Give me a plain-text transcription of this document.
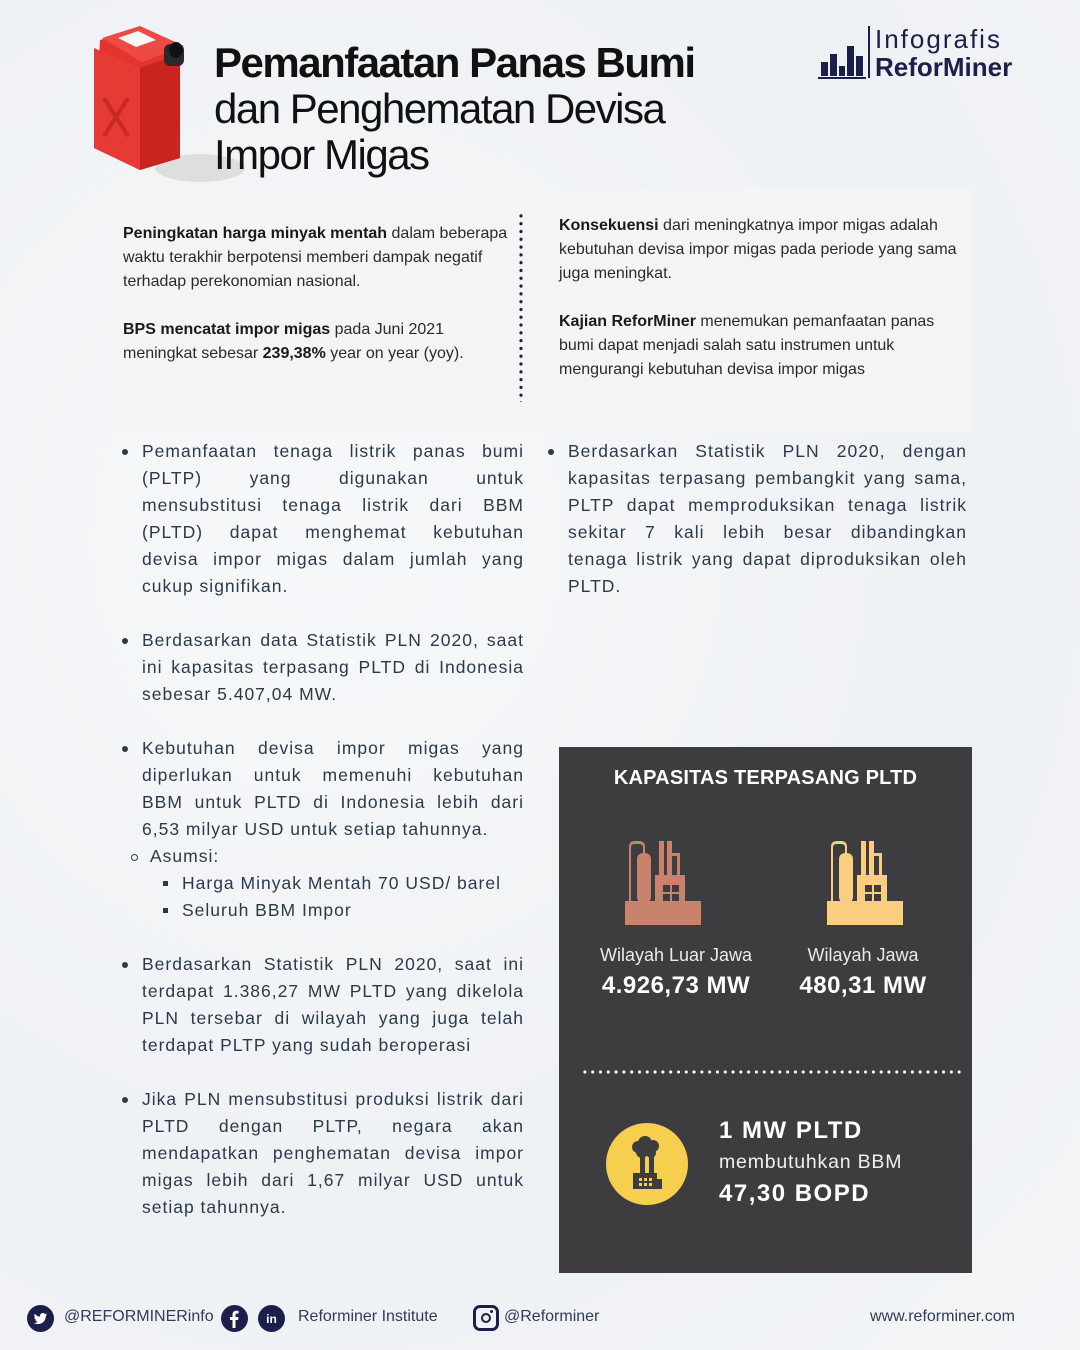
Pemanfaatan Panas Bumi
dan Penghematan Devisa
Impor Migas
Infografis
ReforMiner

Peningkatan harga minyak mentah dalam beberapa waktu terakhir berpotensi memberi dampak negatif terhadap perekonomian nasional.

BPS mencatat impor migas pada Juni 2021 meningkat sebesar 239,38% year on year (yoy).

Konsekuensi dari meningkatnya impor migas adalah kebutuhan devisa impor migas pada periode yang sama juga meningkat.

Kajian ReforMiner menemukan pemanfaatan panas bumi dapat menjadi salah satu instrumen untuk mengurangi kebutuhan devisa impor migas

Pemanfaatan tenaga listrik panas bumi (PLTP) yang digunakan untuk mensubstitusi tenaga listrik dari BBM (PLTD) dapat menghemat kebutuhan devisa impor migas dalam jumlah yang cukup signifikan.
Berdasarkan data Statistik PLN 2020, saat ini kapasitas terpasang PLTD di Indonesia sebesar 5.407,04 MW.
Kebutuhan devisa impor migas yang diperlukan untuk memenuhi kebutuhan BBM untuk PLTD di Indonesia lebih dari 6,53 milyar USD untuk setiap tahunnya.
Asumsi:
Harga Minyak Mentah 70 USD/ barel
Seluruh BBM Impor
Berdasarkan Statistik PLN 2020, saat ini terdapat 1.386,27 MW PLTD yang dikelola PLN tersebar di wilayah yang juga telah terdapat PLTP yang sudah beroperasi
Jika PLN mensubstitusi produksi listrik dari PLTD dengan PLTP, negara akan mendapatkan penghematan devisa impor migas lebih dari 1,67 milyar USD untuk setiap tahunnya.
Berdasarkan Statistik PLN 2020, dengan kapasitas terpasang pembangkit yang sama, PLTP dapat memproduksikan tenaga listrik sekitar 7 kali lebih besar dibandingkan tenaga listrik yang dapat diproduksikan oleh PLTD.
KAPASITAS TERPASANG PLTD
Wilayah Luar Jawa
4.926,73 MW
Wilayah Jawa
480,31 MW
1 MW PLTD
membutuhkan BBM
47,30 BOPD
@REFORMINERinfo	in Reforminer Institute	@Reforminer	www.reforminer.com
